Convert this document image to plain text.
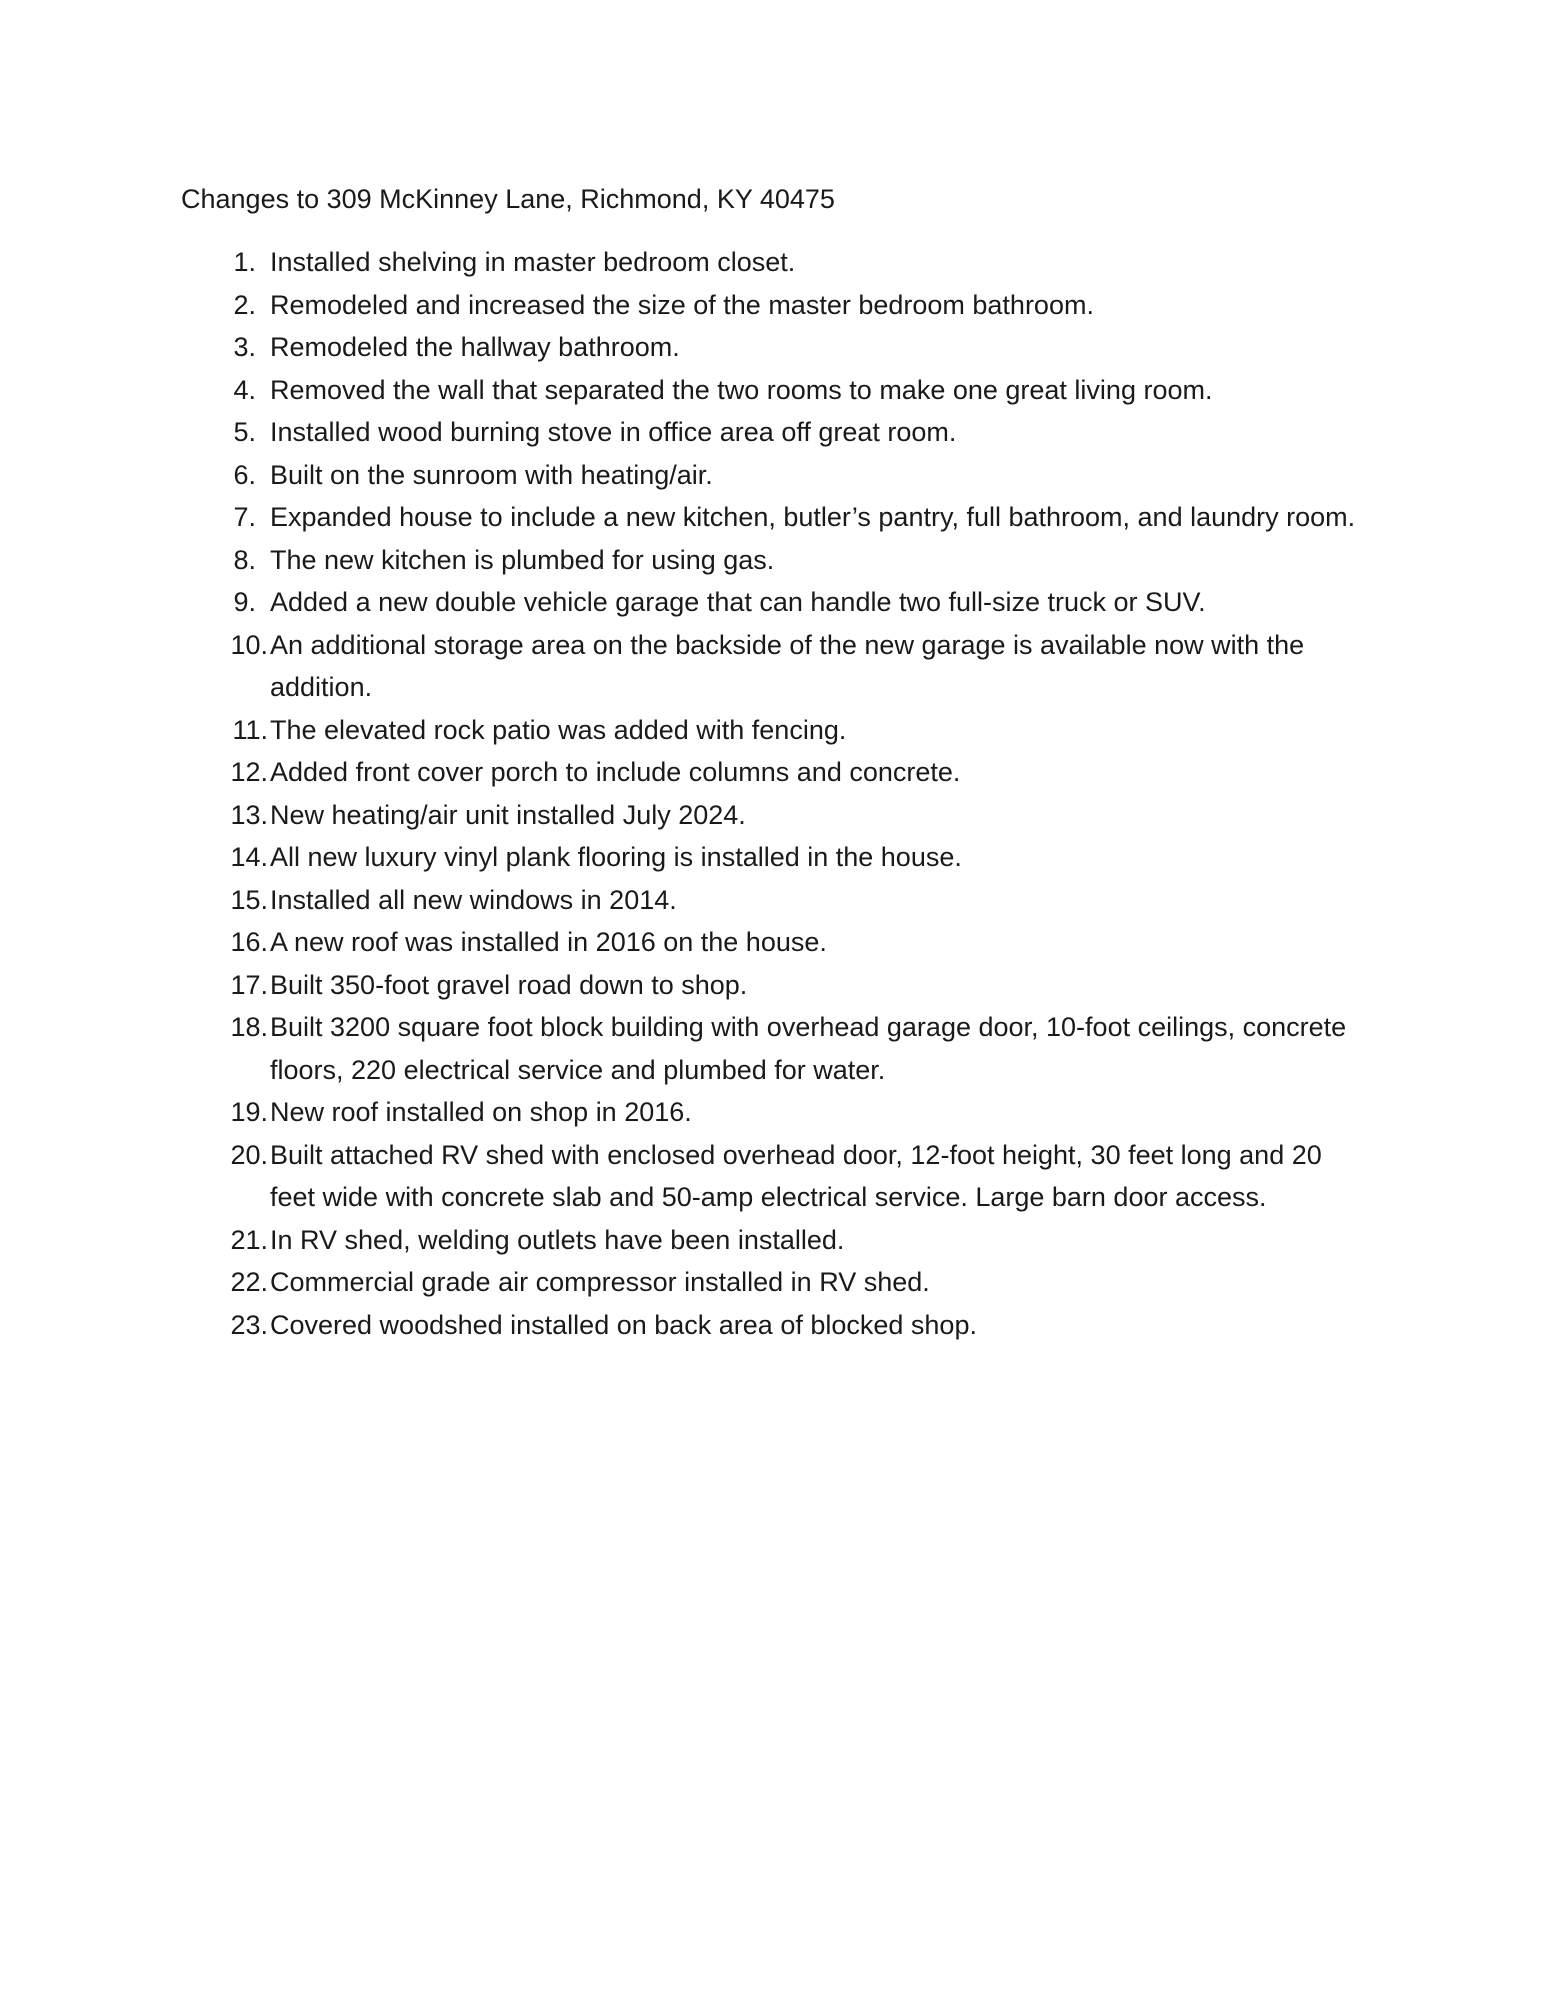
Changes to 309 McKinney Lane, Richmond, KY 40475
1. Installed shelving in master bedroom closet.
2. Remodeled and increased the size of the master bedroom bathroom.
3. Remodeled the hallway bathroom.
4. Removed the wall that separated the two rooms to make one great living room.
5. Installed wood burning stove in office area off great room.
6. Built on the sunroom with heating/air.
7. Expanded house to include a new kitchen, butler’s pantry, full bathroom, and laundry room.
8. The new kitchen is plumbed for using gas.
9. Added a new double vehicle garage that can handle two full-size truck or SUV.
10. An additional storage area on the backside of the new garage is available now with the addition.
11. The elevated rock patio was added with fencing.
12. Added front cover porch to include columns and concrete.
13. New heating/air unit installed July 2024.
14. All new luxury vinyl plank flooring is installed in the house.
15. Installed all new windows in 2014.
16. A new roof was installed in 2016 on the house.
17. Built 350-foot gravel road down to shop.
18. Built 3200 square foot block building with overhead garage door, 10-foot ceilings, concrete floors, 220 electrical service and plumbed for water.
19. New roof installed on shop in 2016.
20. Built attached RV shed with enclosed overhead door, 12-foot height, 30 feet long and 20 feet wide with concrete slab and 50-amp electrical service. Large barn door access.
21. In RV shed, welding outlets have been installed.
22. Commercial grade air compressor installed in RV shed.
23. Covered woodshed installed on back area of blocked shop.
